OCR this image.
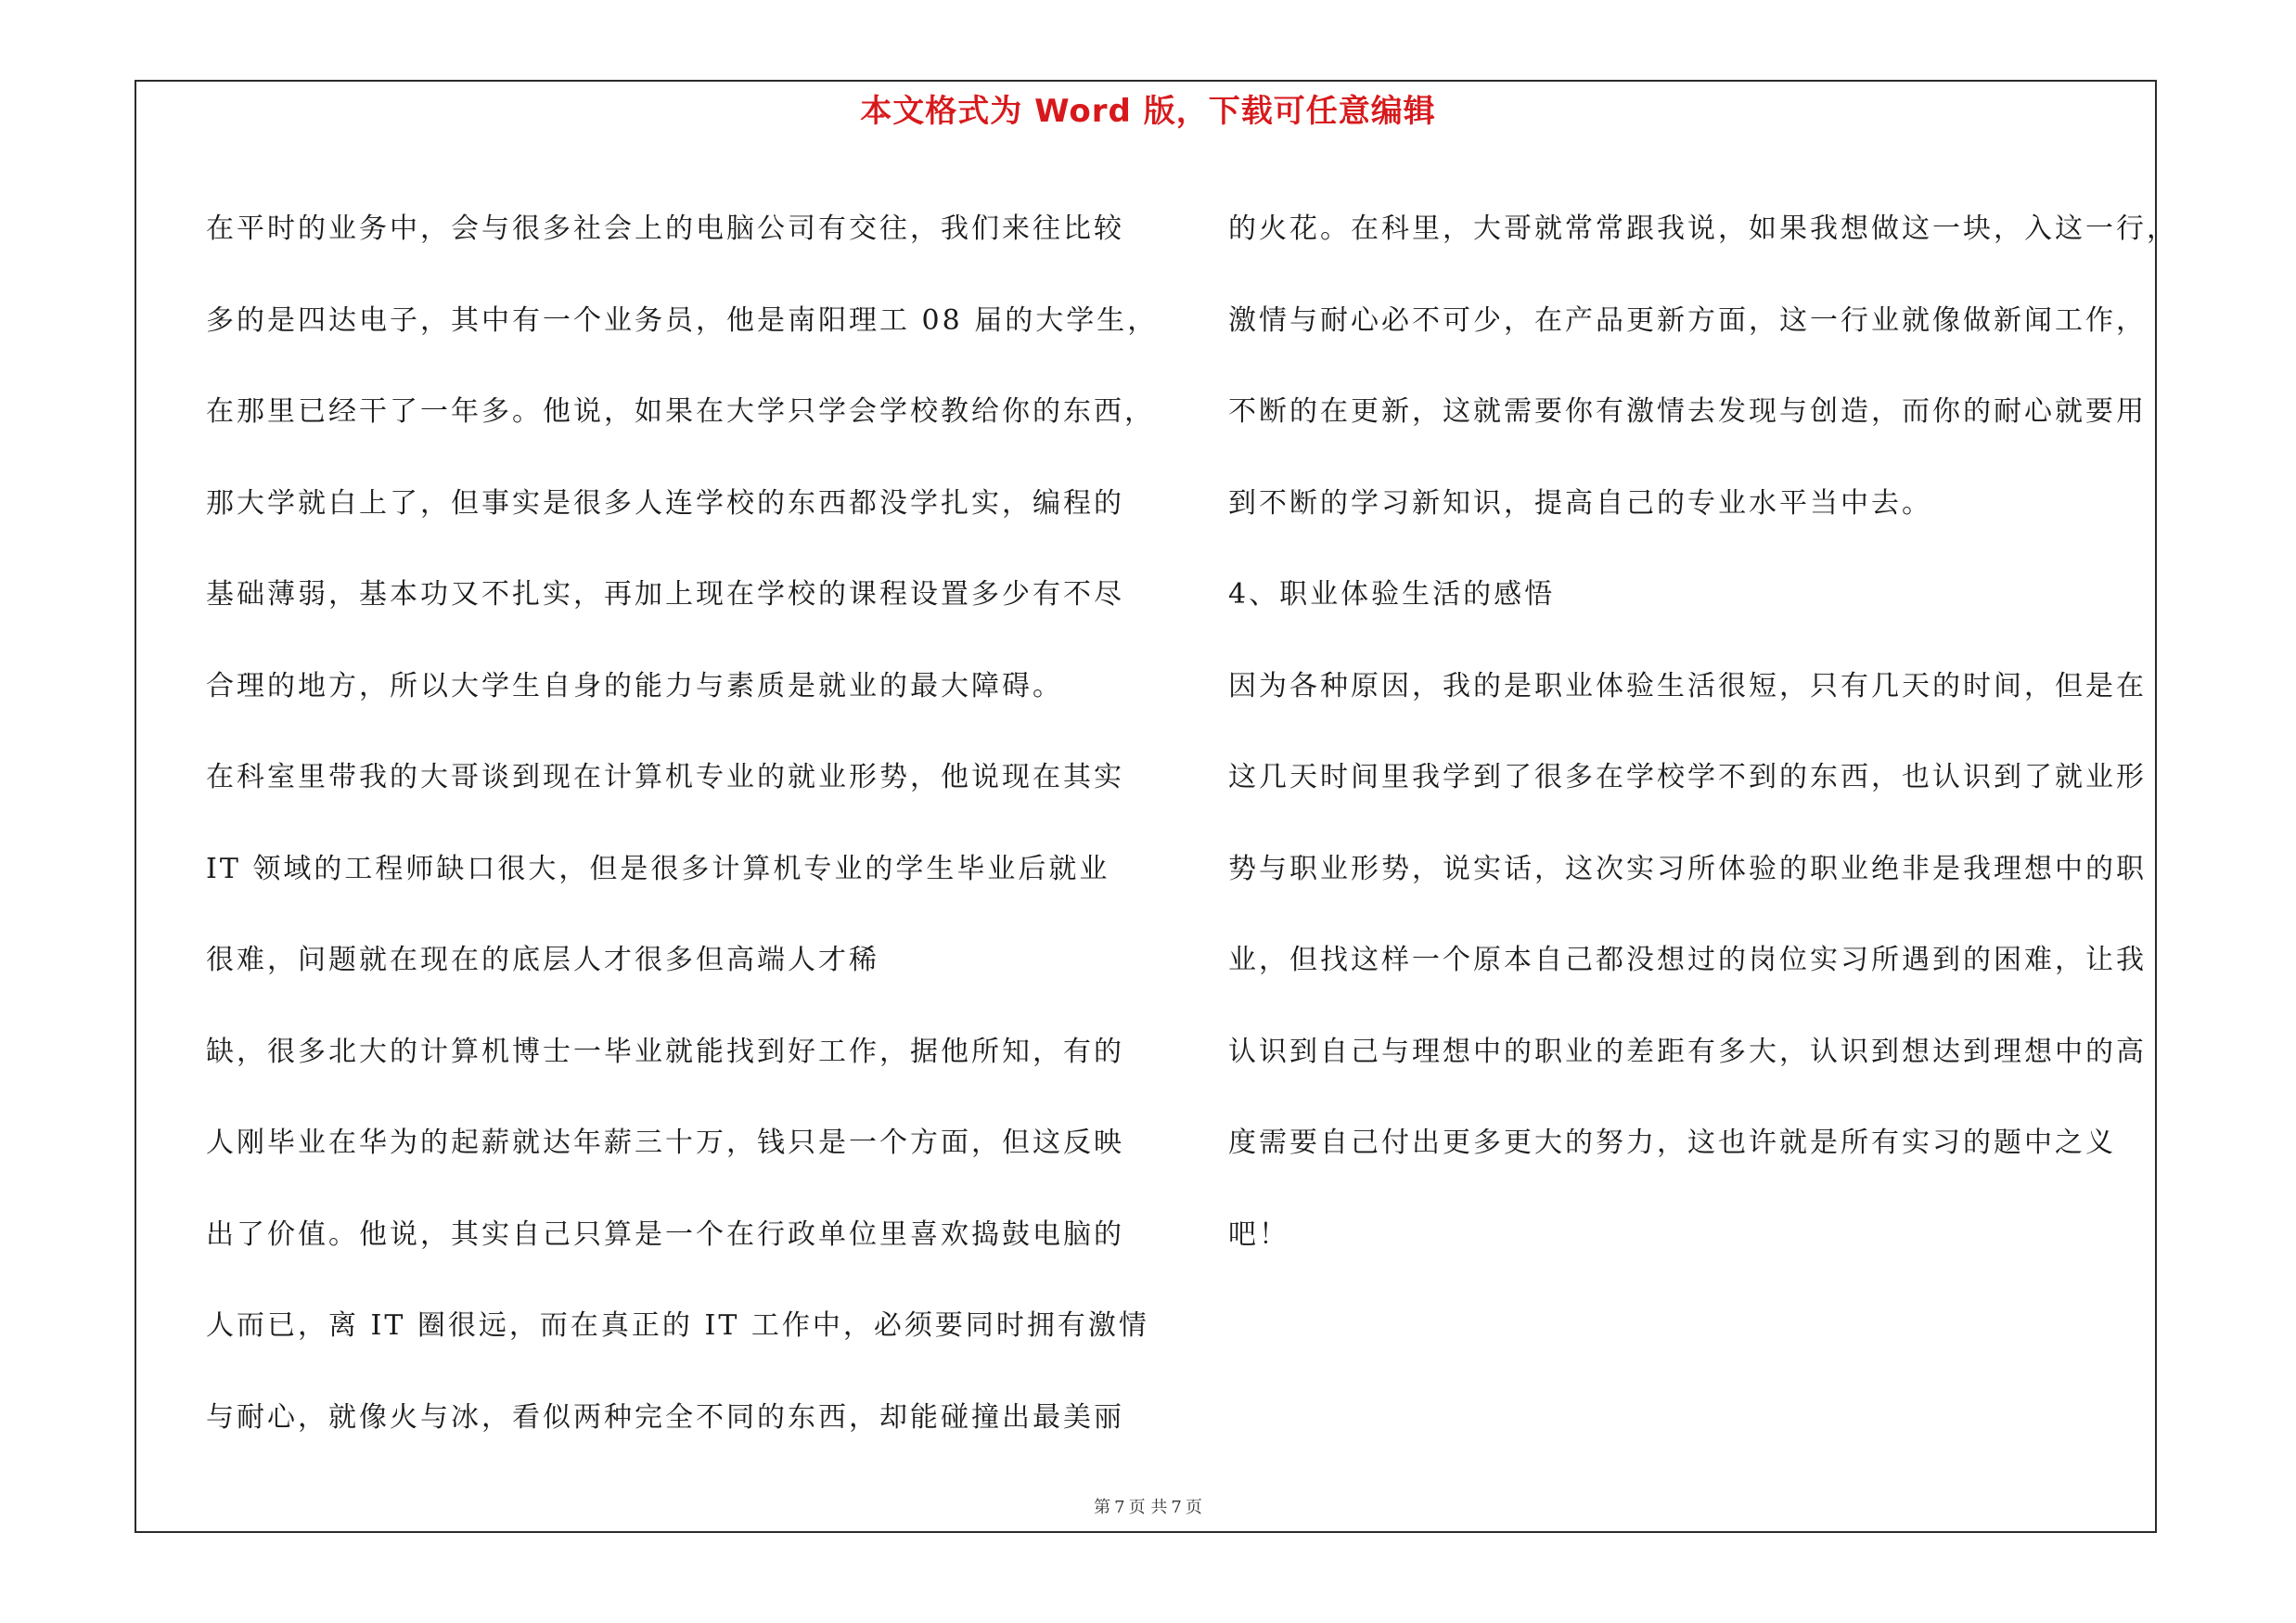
本文格式为 Word 版，下载可任意编辑
在平时的业务中，会与很多社会上的电脑公司有交往，我们来往比较
多的是四达电子，其中有一个业务员，他是南阳理工 08 届的大学生，
在那里已经干了一年多。他说，如果在大学只学会学校教给你的东西，
那大学就白上了，但事实是很多人连学校的东西都没学扎实，编程的
基础薄弱，基本功又不扎实，再加上现在学校的课程设置多少有不尽
合理的地方，所以大学生自身的能力与素质是就业的最大障碍。
在科室里带我的大哥谈到现在计算机专业的就业形势，他说现在其实
IT 领域的工程师缺口很大，但是很多计算机专业的学生毕业后就业
很难，问题就在现在的底层人才很多但高端人才稀
缺，很多北大的计算机博士一毕业就能找到好工作，据他所知，有的
人刚毕业在华为的起薪就达年薪三十万，钱只是一个方面，但这反映
出了价值。他说，其实自己只算是一个在行政单位里喜欢捣鼓电脑的
人而已，离 IT 圈很远，而在真正的 IT 工作中，必须要同时拥有激情
与耐心，就像火与冰，看似两种完全不同的东西，却能碰撞出最美丽
的火花。在科里，大哥就常常跟我说，如果我想做这一块，入这一行，
激情与耐心必不可少，在产品更新方面，这一行业就像做新闻工作，
不断的在更新，这就需要你有激情去发现与创造，而你的耐心就要用
到不断的学习新知识，提高自己的专业水平当中去。
4、职业体验生活的感悟
因为各种原因，我的是职业体验生活很短，只有几天的时间，但是在
这几天时间里我学到了很多在学校学不到的东西，也认识到了就业形
势与职业形势，说实话，这次实习所体验的职业绝非是我理想中的职
业，但找这样一个原本自己都没想过的岗位实习所遇到的困难，让我
认识到自己与理想中的职业的差距有多大，认识到想达到理想中的高
度需要自己付出更多更大的努力，这也许就是所有实习的题中之义
吧！
第 7 页 共 7 页
